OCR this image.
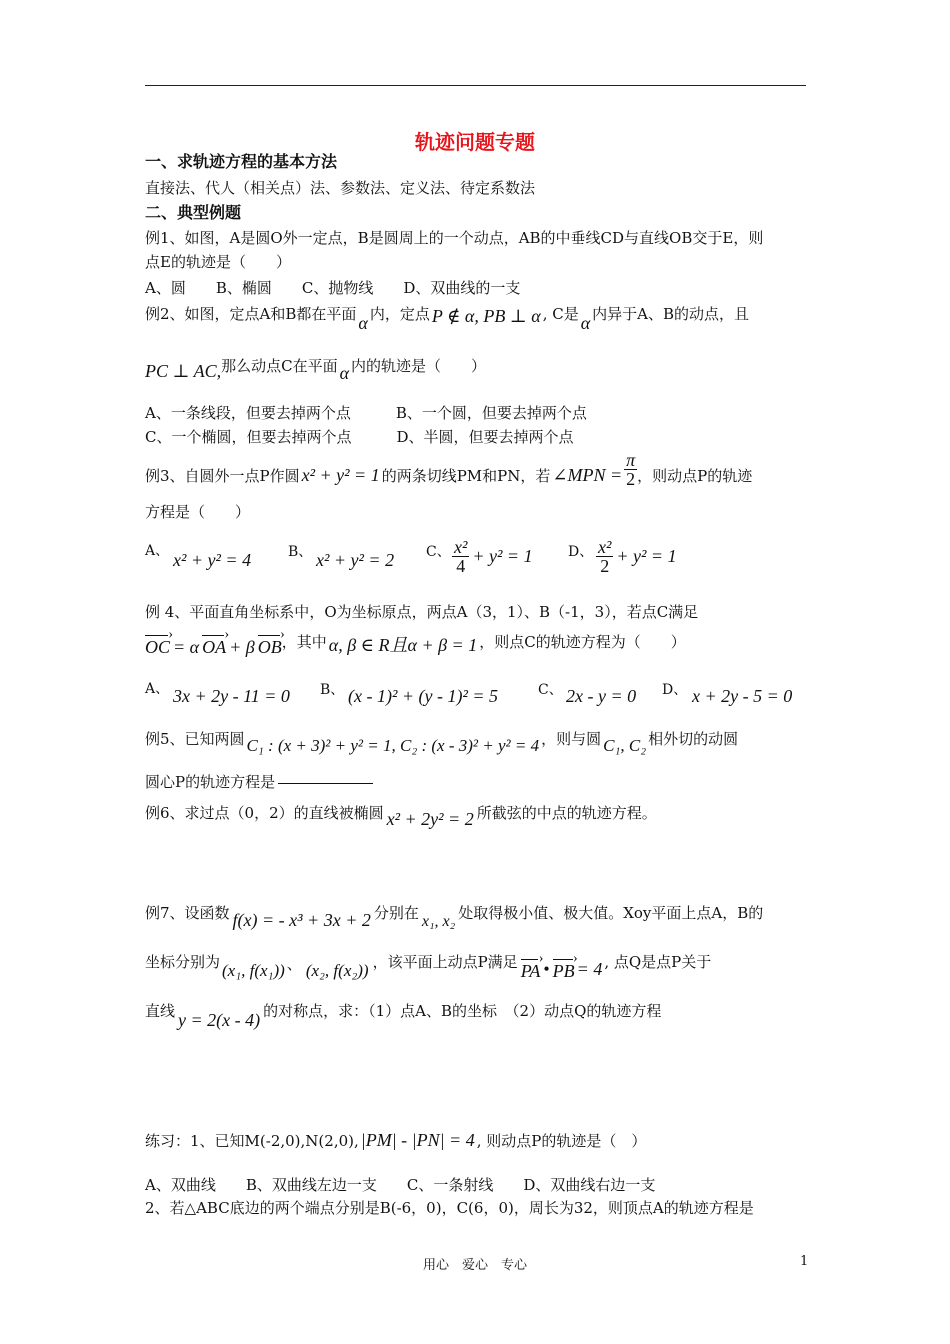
轨迹问题专题
一、求轨迹方程的基本方法
直接法、代人（相关点）法、参数法、定义法、待定系数法
二、典型例题
例1、如图，A是圆O外一定点，B是圆周上的一个动点，AB的中垂线CD与直线OB交于E，则
点E的轨迹是（　　）
A、圆　　B、椭圆　　C、抛物线　　D、双曲线的一支
例2、如图，定点A和B都在平面 α 内，定点 P ∉ α, PB ⊥ α , C是 α 内异于A、B的动点，且
PC ⊥ AC,那么动点C在平面 α 内的轨迹是（　　）
A、一条线段，但要去掉两个点　　　B、一个圆，但要去掉两个点
C、一个椭圆，但要去掉两个点　　　D、半圆，但要去掉两个点
例3、自圆外一点P作圆 x² + y² = 1 的两条切线PM和PN，若 ∠MPN = $\frac{\pi}{2}$ ，则动点P的轨迹
方程是（　　）
A、 x² + y² = 4	B、 x² + y² = 2 C、 $\frac{\text{x²}}{4} + y^2 = 1$	D、 $\frac{\text{x²}}{2} + y^2 = 1$
例 4、平面直角坐标系中，O为坐标原点，两点A（3，1）、B（-1，3），若点C满足
OC › = α OA › + β OB ›，其中 α, β ∈ R且α + β = 1 ，则点C的轨迹方程为（　　）
A、 3x + 2y - 11 = 0 B、 (x - 1)² + (y - 1)² = 5	C、 2x - y = 0 D、 x + 2y - 5 = 0
例5、已知两圆 C₁ : (x + 3)² + y² = 1, C₂ : (x - 3)² + y² = 4 ，则与圆 C₁, C₂ 相外切的动圆
圆心P的轨迹方程是
例6、求过点（0，2）的直线被椭圆 x² + 2y² = 2 所截弦的中点的轨迹方程。
例7、设函数 f(x) = - x³ + 3x + 2 分别在 x₁, x₂ 处取得极小值、极大值。Xoy平面上点A，B的
坐标分别为 (x₁, f(x₁)) 、 (x₂, f(x₂)) ，该平面上动点P满足 PA › • PB › = 4 , 点Q是点P关于
直线 y = 2(x - 4) 的对称点，求：（1）点A、B的坐标　（2）动点Q的轨迹方程
练习：1、已知M(-2,0),N(2,0), |PM| - |PN| = 4 , 则动点P的轨迹是（　）
A、双曲线　　B、双曲线左边一支　　C、一条射线　　D、双曲线右边一支
2、若△ABC底边的两个端点分别是B(-6，0)，C(6，0)，周长为32，则顶点A的轨迹方程是
用心　爱心　专心	1
